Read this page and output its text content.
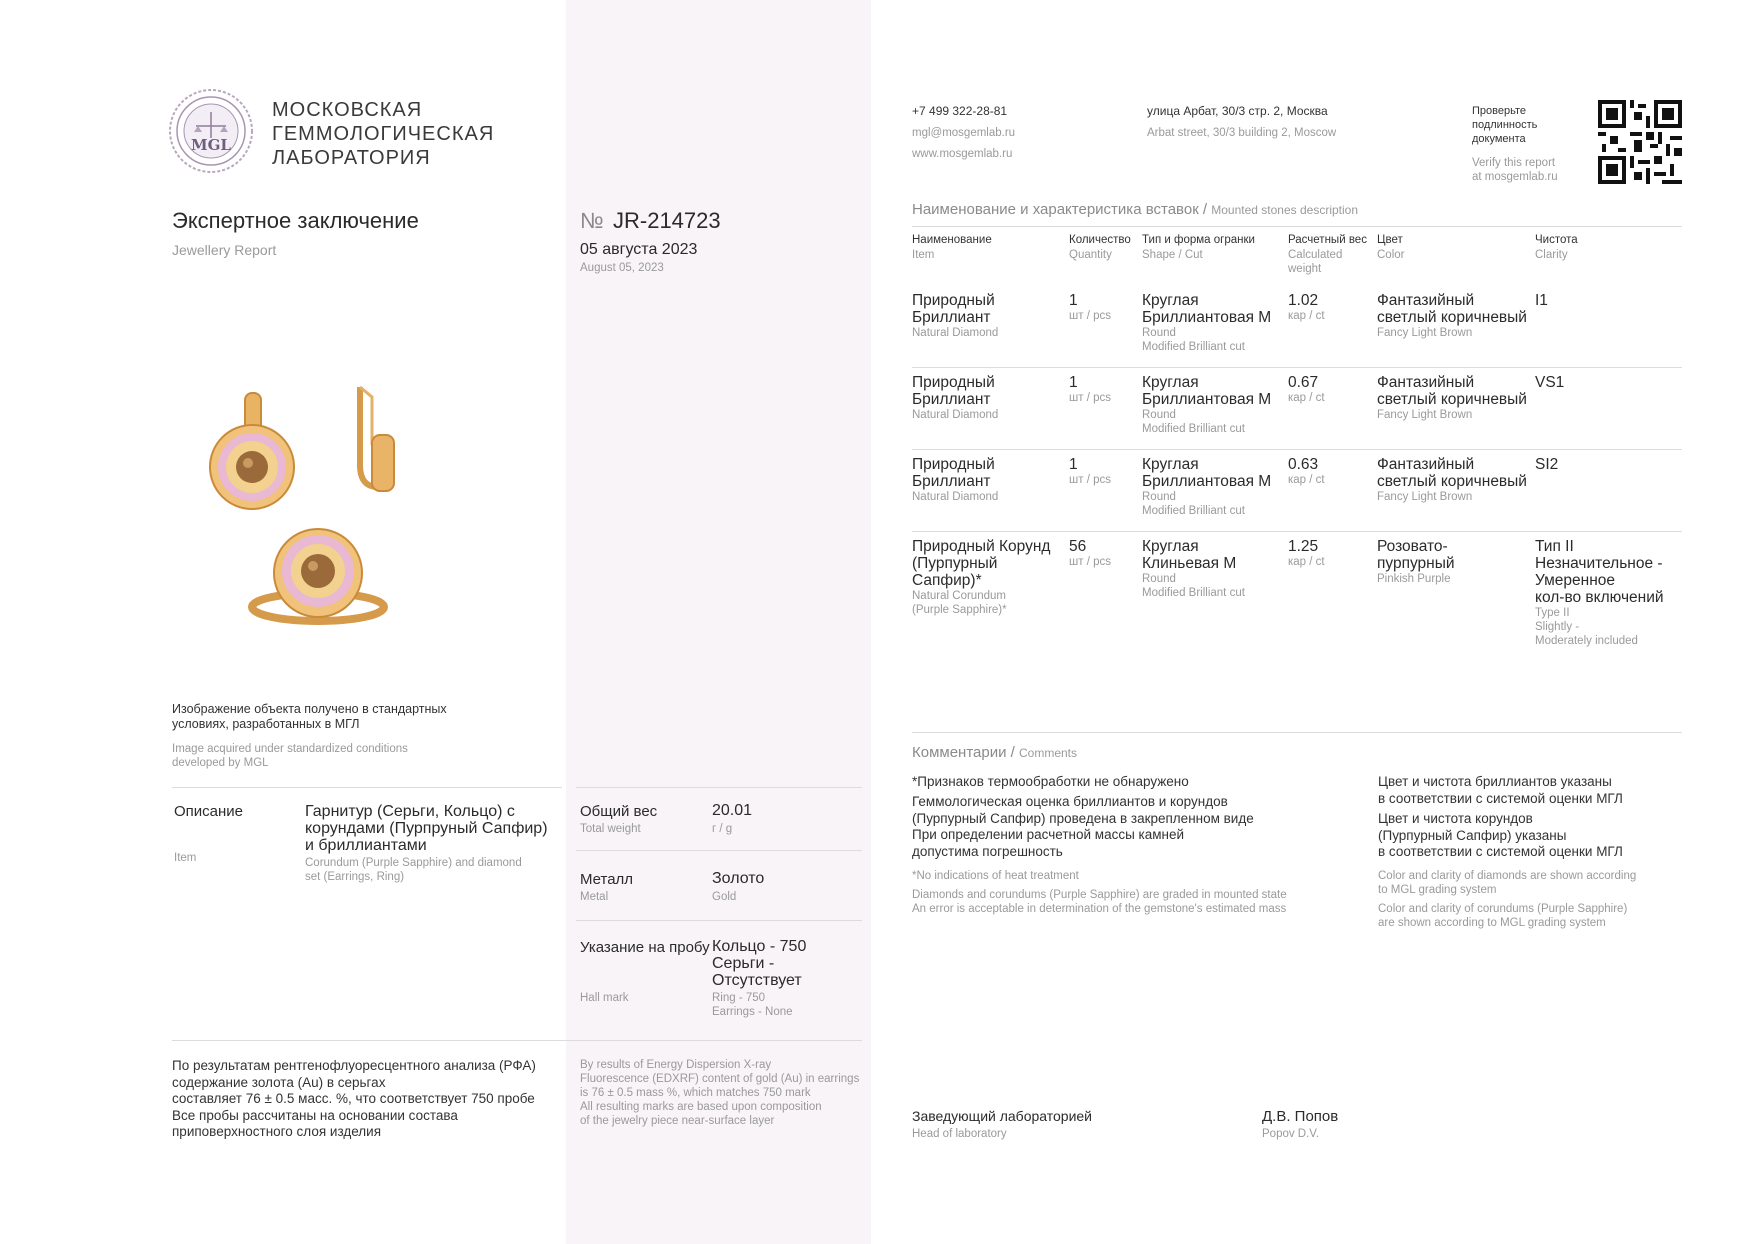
MGL
МОСКОВСКАЯ
ГЕММОЛОГИЧЕСКАЯ
ЛАБОРАТОРИЯ
Экспертное заключение
Jewellery Report
№ JR-214723
05 августа 2023
August 05, 2023
Изображение объекта получено в стандартных
условиях, разработанных в МГЛ
Image acquired under standardized conditions
developed by MGL
Описание
Item
Гарнитур (Серьги, Кольцо) с
корундами (Пурпруный Сапфир)
и бриллиантами
Corundum (Purple Sapphire) and diamond
set (Earrings, Ring)
Общий вес
Total weight
20.01
г / g
Металл
Metal
Золото
Gold
Указание на пробу
Hall mark
Кольцо - 750
Серьги -
Отсутствует
Ring - 750
Earrings - None
По результатам рентгенофлуоресцентного анализа (РФА)
содержание золота (Au) в серьгах
составляет 76 ± 0.5 масс. %, что соответствует 750 пробе
Все пробы рассчитаны на основании состава
приповерхностного слоя изделия
By results of Energy Dispersion X-ray
Fluorescence (EDXRF) content of gold (Au) in earrings
is 76 ± 0.5 mass %, which matches 750 mark
All resulting marks are based upon composition
of the jewelry piece near-surface layer
+7 499 322-28-81
mgl@mosgemlab.ru
www.mosgemlab.ru
улица Арбат, 30/3 стр. 2, Москва
Arbat street, 30/3 building 2, Moscow
Проверьте
подлинность
документа
Verify this report
at mosgemlab.ru
Наименование и характеристика вставок / Mounted stones description
Наименование
Item
Количество
Quantity
Тип и форма огранки
Shape / Cut
Расчетный вес
Calculated
weight
Цвет
Color
Чистота
Clarity
Природный
Бриллиант
Natural Diamond
1
шт / pcs
Круглая
Бриллиантовая М
Round
Modified Brilliant cut
1.02
кар / ct
Фантазийный
светлый коричневый
Fancy Light Brown
I1
Природный
Бриллиант
Natural Diamond
1
шт / pcs
Круглая
Бриллиантовая М
Round
Modified Brilliant cut
0.67
кар / ct
Фантазийный
светлый коричневый
Fancy Light Brown
VS1
Природный
Бриллиант
Natural Diamond
1
шт / pcs
Круглая
Бриллиантовая М
Round
Modified Brilliant cut
0.63
кар / ct
Фантазийный
светлый коричневый
Fancy Light Brown
SI2
Природный Корунд
(Пурпурный
Сапфир)*
Natural Corundum
(Purple Sapphire)*
56
шт / pcs
Круглая
Клиньевая М
Round
Modified Brilliant cut
1.25
кар / ct
Розовато-
пурпурный
Pinkish Purple
Тип II
Незначительное -
Умеренное
кол-во включений
Type II
Slightly -
Moderately included
Комментарии / Comments
*Признаков термообработки не обнаружено
Геммологическая оценка бриллиантов и корундов
(Пурпурный Сапфир) проведена в закрепленном виде
При определении расчетной массы камней
допустима погрешность
*No indications of heat treatment
Diamonds and corundums (Purple Sapphire) are graded in mounted state
An error is acceptable in determination of the gemstone's estimated mass
Цвет и чистота бриллиантов указаны
в соответствии с системой оценки МГЛ
Цвет и чистота корундов
(Пурпурный Сапфир) указаны
в соответствии с системой оценки МГЛ
Color and clarity of diamonds are shown according
to MGL grading system
Color and clarity of corundums (Purple Sapphire)
are shown according to MGL grading system
Заведующий лабораторией
Head of laboratory
Д.В. Попов
Popov D.V.
